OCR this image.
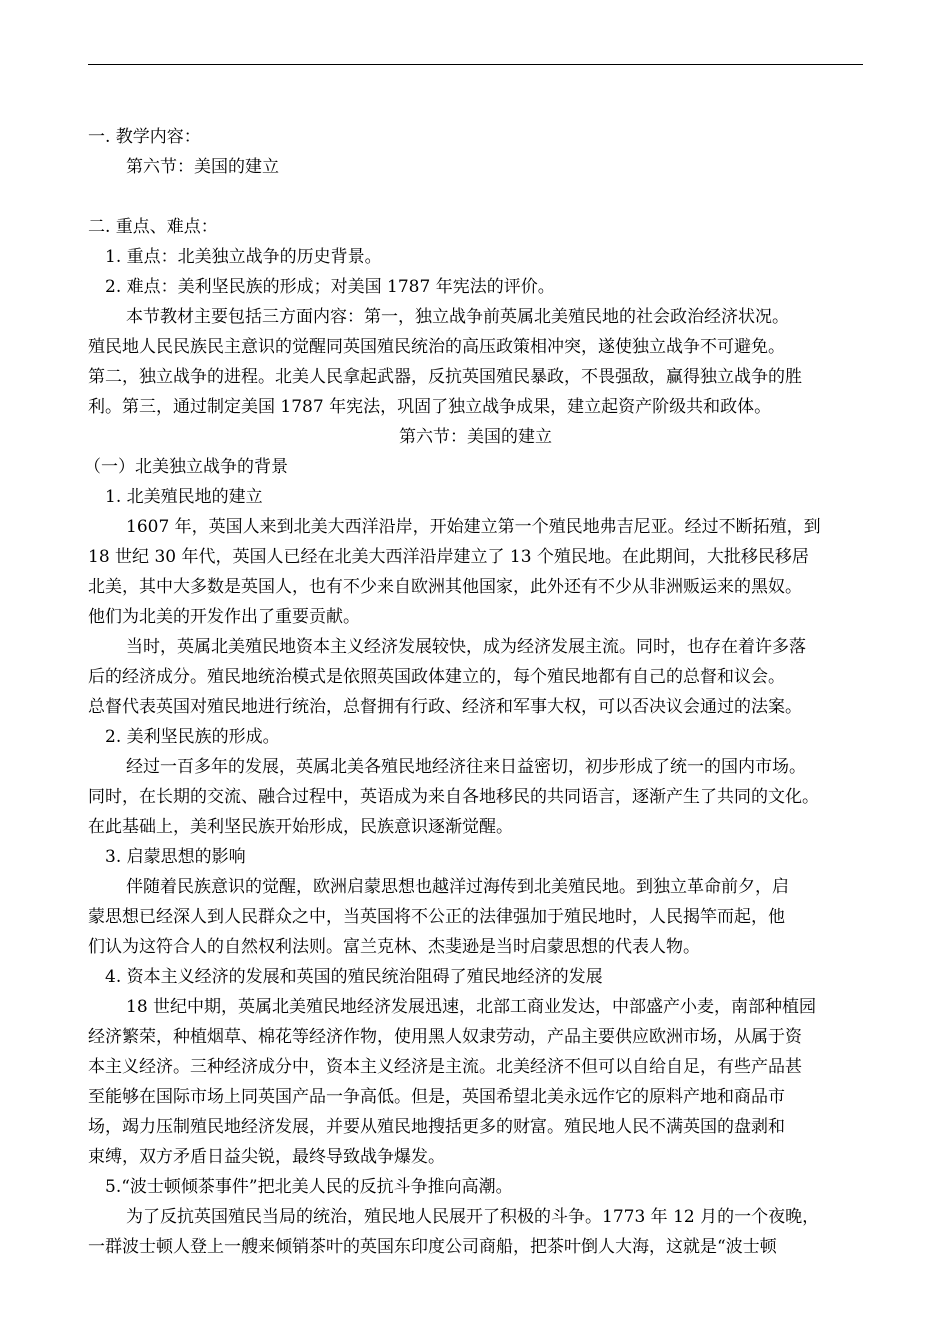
一. 教学内容：
第六节：美国的建立
二. 重点、难点：
1. 重点：北美独立战争的历史背景。
2. 难点：美利坚民族的形成；对美国 1787 年宪法的评价。
本节教材主要包括三方面内容：第一，独立战争前英属北美殖民地的社会政治经济状况。
殖民地人民民族民主意识的觉醒同英国殖民统治的高压政策相冲突，遂使独立战争不可避免。
第二，独立战争的进程。北美人民拿起武器，反抗英国殖民暴政，不畏强敌，赢得独立战争的胜
利。第三，通过制定美国 1787 年宪法，巩固了独立战争成果，建立起资产阶级共和政体。
第六节：美国的建立
（一）北美独立战争的背景
1. 北美殖民地的建立
1607 年，英国人来到北美大西洋沿岸，开始建立第一个殖民地弗吉尼亚。经过不断拓殖，到
18 世纪 30 年代，英国人已经在北美大西洋沿岸建立了 13 个殖民地。在此期间，大批移民移居
北美，其中大多数是英国人，也有不少来自欧洲其他国家，此外还有不少从非洲贩运来的黑奴。
他们为北美的开发作出了重要贡献。
当时，英属北美殖民地资本主义经济发展较快，成为经济发展主流。同时，也存在着许多落
后的经济成分。殖民地统治模式是依照英国政体建立的，每个殖民地都有自己的总督和议会。
总督代表英国对殖民地进行统治，总督拥有行政、经济和军事大权，可以否决议会通过的法案。
2. 美利坚民族的形成。
经过一百多年的发展，英属北美各殖民地经济往来日益密切，初步形成了统一的国内市场。
同时，在长期的交流、融合过程中，英语成为来自各地移民的共同语言，逐渐产生了共同的文化。
在此基础上，美利坚民族开始形成，民族意识逐渐觉醒。
3. 启蒙思想的影响
伴随着民族意识的觉醒，欧洲启蒙思想也越洋过海传到北美殖民地。到独立革命前夕，启
蒙思想已经深人到人民群众之中，当英国将不公正的法律强加于殖民地时，人民揭竿而起，他
们认为这符合人的自然权利法则。富兰克林、杰斐逊是当时启蒙思想的代表人物。
4. 资本主义经济的发展和英国的殖民统治阻碍了殖民地经济的发展
18 世纪中期，英属北美殖民地经济发展迅速，北部工商业发达，中部盛产小麦，南部种植园
经济繁荣，种植烟草、棉花等经济作物，使用黑人奴隶劳动，产品主要供应欧洲市场，从属于资
本主义经济。三种经济成分中，资本主义经济是主流。北美经济不但可以自给自足，有些产品甚
至能够在国际市场上同英国产品一争高低。但是，英国希望北美永远作它的原料产地和商品市
场，竭力压制殖民地经济发展，并要从殖民地搜括更多的财富。殖民地人民不满英国的盘剥和
束缚，双方矛盾日益尖锐，最终导致战争爆发。
5.“波士顿倾茶事件”把北美人民的反抗斗争推向高潮。
为了反抗英国殖民当局的统治，殖民地人民展开了积极的斗争。1773 年 12 月的一个夜晚，
一群波士顿人登上一艘来倾销茶叶的英国东印度公司商船，把茶叶倒人大海，这就是“波士顿
